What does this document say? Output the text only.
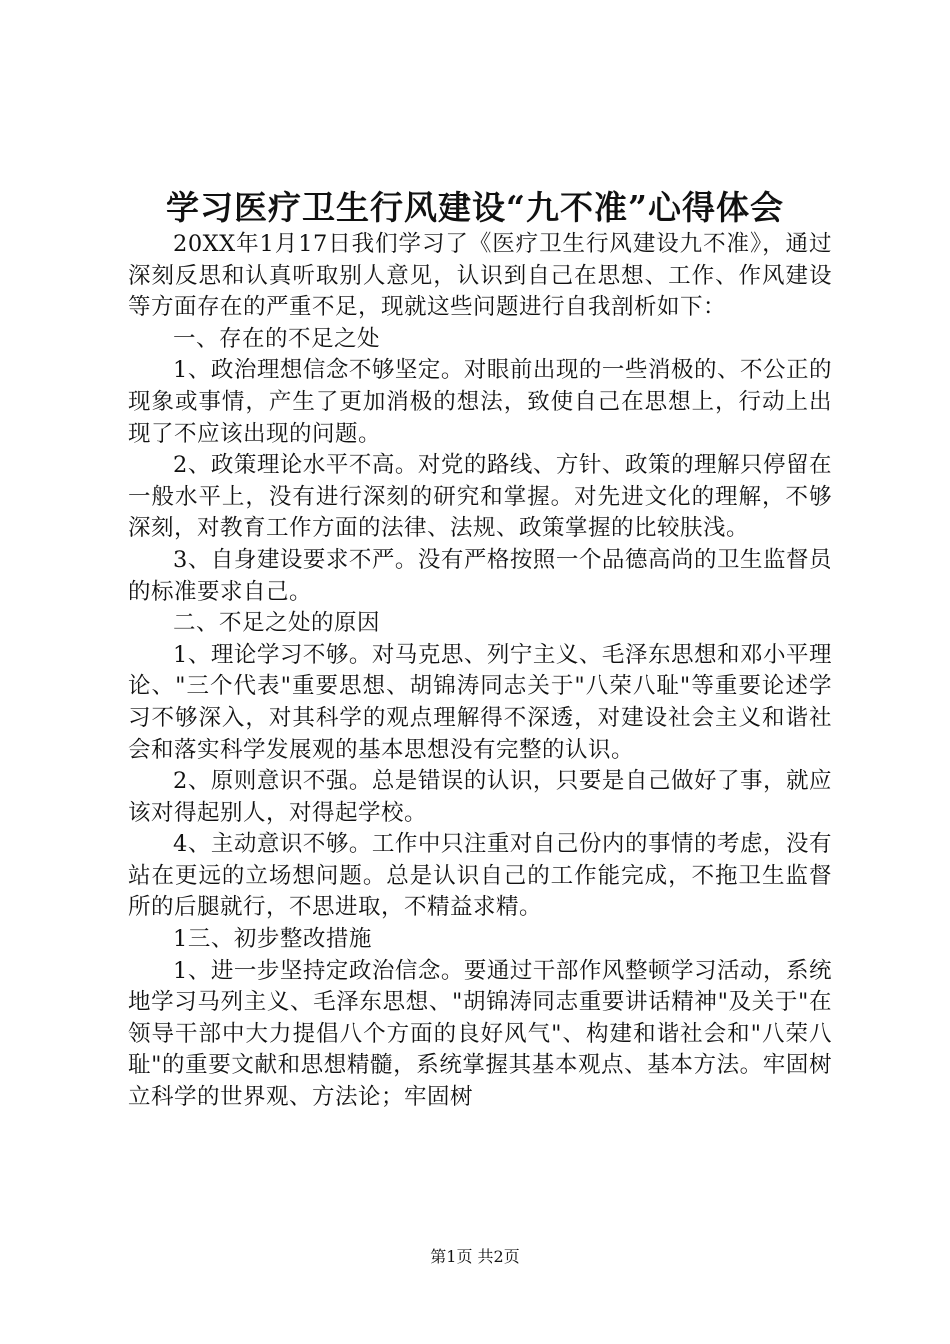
学习医疗卫生行风建设“九不准”心得体会

20XX年1月17日我们学习了《医疗卫生行风建设九不准》，通过深刻反思和认真听取别人意见，认识到自己在思想、工作、作风建设等方面存在的严重不足，现就这些问题进行自我剖析如下：

一、存在的不足之处

1、政治理想信念不够坚定。对眼前出现的一些消极的、不公正的现象或事情，产生了更加消极的想法，致使自己在思想上，行动上出现了不应该出现的问题。

2、政策理论水平不高。对党的路线、方针、政策的理解只停留在一般水平上，没有进行深刻的研究和掌握。对先进文化的理解，不够深刻，对教育工作方面的法律、法规、政策掌握的比较肤浅。

3、自身建设要求不严。没有严格按照一个品德高尚的卫生监督员的标准要求自己。

二、不足之处的原因

1、理论学习不够。对马克思、列宁主义、毛泽东思想和邓小平理论、"三个代表"重要思想、胡锦涛同志关于"八荣八耻"等重要论述学习不够深入，对其科学的观点理解得不深透，对建设社会主义和谐社会和落实科学发展观的基本思想没有完整的认识。

2、原则意识不强。总是错误的认识，只要是自己做好了事，就应该对得起别人，对得起学校。

4、主动意识不够。工作中只注重对自己份内的事情的考虑，没有站在更远的立场想问题。总是认识自己的工作能完成，不拖卫生监督所的后腿就行，不思进取，不精益求精。

1三、初步整改措施

1、进一步坚持定政治信念。要通过干部作风整顿学习活动，系统地学习马列主义、毛泽东思想、"胡锦涛同志重要讲话精神"及关于"在领导干部中大力提倡八个方面的良好风气"、构建和谐社会和"八荣八耻"的重要文献和思想精髓，系统掌握其基本观点、基本方法。牢固树立科学的世界观、方法论；牢固树

第1页 共2页
